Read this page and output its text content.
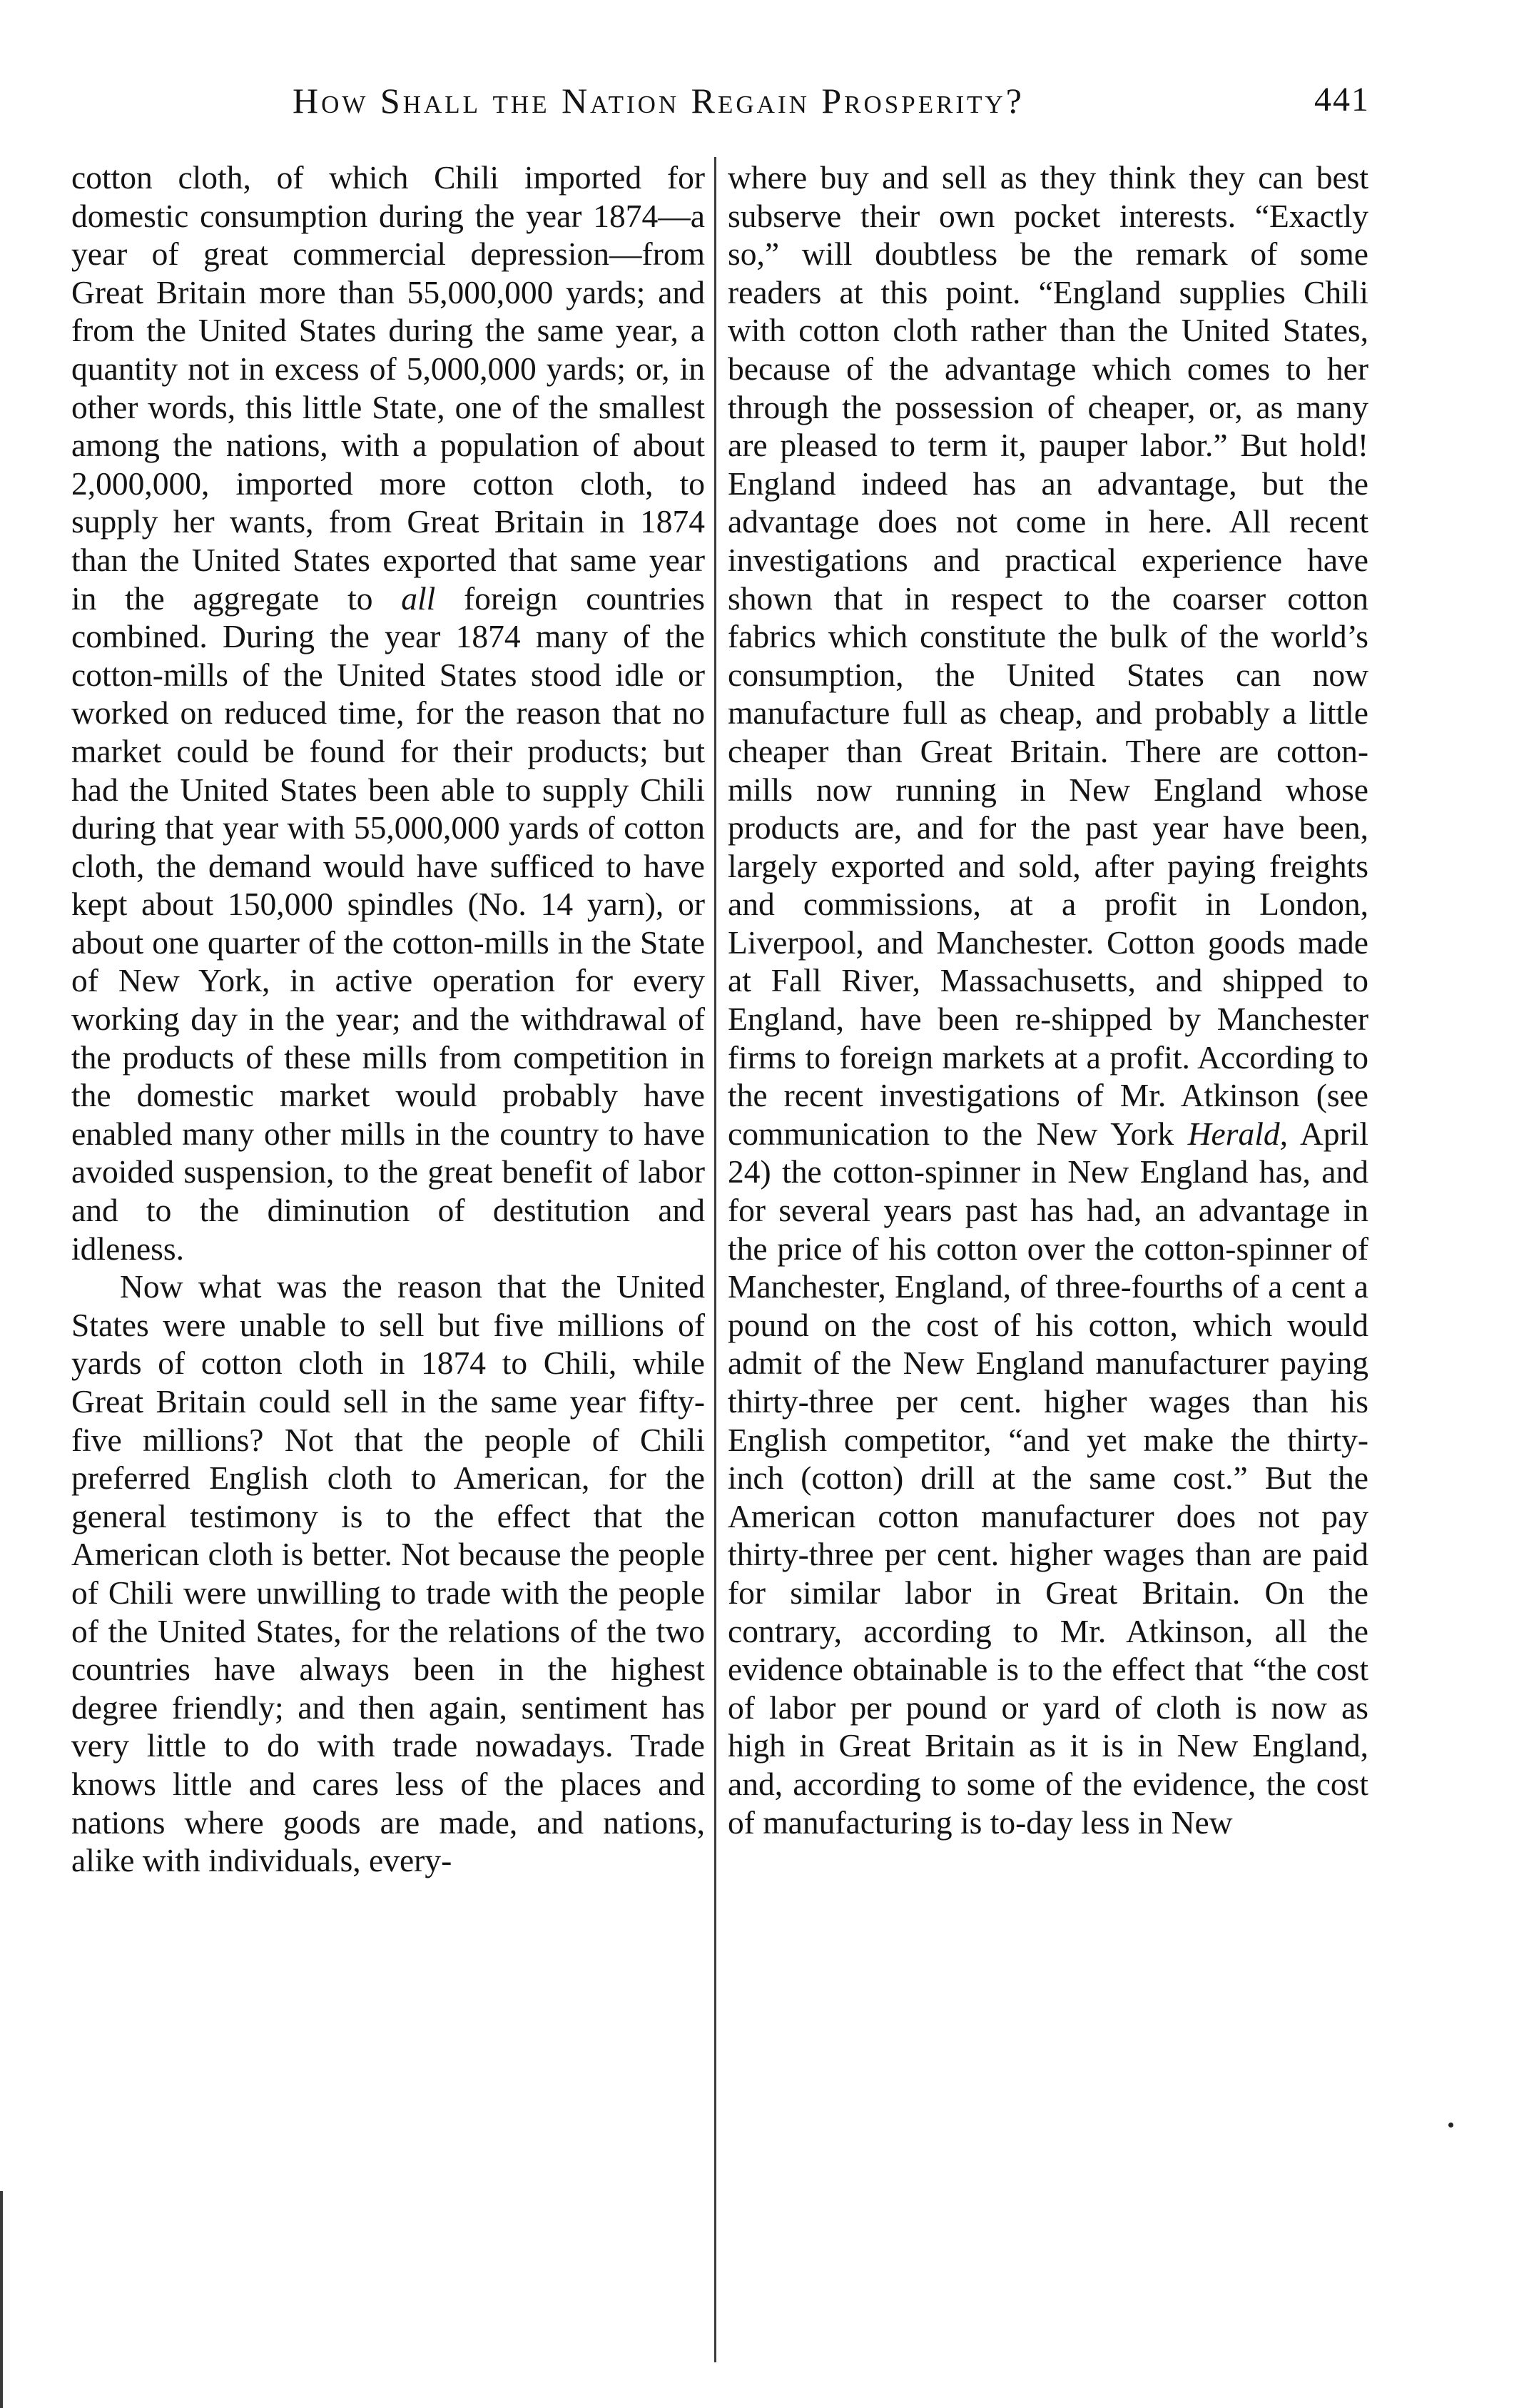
How Shall the Nation Regain Prosperity?	441

cotton cloth, of which Chili imported for domestic consumption during the year 1874—a year of great commercial depression—from Great Britain more than 55,000,000 yards; and from the United States during the same year, a quantity not in excess of 5,000,000 yards; or, in other words, this little State, one of the smallest among the nations, with a population of about 2,000,000, imported more cotton cloth, to supply her wants, from Great Britain in 1874 than the United States exported that same year in the aggregate to all foreign countries combined. During the year 1874 many of the cotton-mills of the United States stood idle or worked on reduced time, for the reason that no market could be found for their products; but had the United States been able to supply Chili during that year with 55,000,000 yards of cotton cloth, the demand would have sufficed to have kept about 150,000 spindles (No. 14 yarn), or about one quarter of the cotton-mills in the State of New York, in active operation for every working day in the year; and the withdrawal of the products of these mills from competition in the domestic market would probably have enabled many other mills in the country to have avoided suspension, to the great benefit of labor and to the diminution of destitution and idleness.

Now what was the reason that the United States were unable to sell but five millions of yards of cotton cloth in 1874 to Chili, while Great Britain could sell in the same year fifty-five millions? Not that the people of Chili preferred English cloth to American, for the general testimony is to the effect that the American cloth is better. Not because the people of Chili were unwilling to trade with the people of the United States, for the relations of the two countries have always been in the highest degree friendly; and then again, sentiment has very little to do with trade nowadays. Trade knows little and cares less of the places and nations where goods are made, and nations, alike with individuals, every-

where buy and sell as they think they can best subserve their own pocket interests. “Exactly so,” will doubtless be the remark of some readers at this point. “England supplies Chili with cotton cloth rather than the United States, because of the advantage which comes to her through the possession of cheaper, or, as many are pleased to term it, pauper labor.” But hold! England indeed has an advantage, but the advantage does not come in here. All recent investigations and practical experience have shown that in respect to the coarser cotton fabrics which constitute the bulk of the world’s consumption, the United States can now manufacture full as cheap, and probably a little cheaper than Great Britain. There are cotton-mills now running in New England whose products are, and for the past year have been, largely exported and sold, after paying freights and commissions, at a profit in London, Liverpool, and Manchester. Cotton goods made at Fall River, Massachusetts, and shipped to England, have been re-shipped by Manchester firms to foreign markets at a profit. According to the recent investigations of Mr. Atkinson (see communication to the New York Herald, April 24) the cotton-spinner in New England has, and for several years past has had, an advantage in the price of his cotton over the cotton-spinner of Manchester, England, of three-fourths of a cent a pound on the cost of his cotton, which would admit of the New England manufacturer paying thirty-three per cent. higher wages than his English competitor, “and yet make the thirty-inch (cotton) drill at the same cost.” But the American cotton manufacturer does not pay thirty-three per cent. higher wages than are paid for similar labor in Great Britain. On the contrary, according to Mr. Atkinson, all the evidence obtainable is to the effect that “the cost of labor per pound or yard of cloth is now as high in Great Britain as it is in New England, and, according to some of the evidence, the cost of manufacturing is to-day less in New
